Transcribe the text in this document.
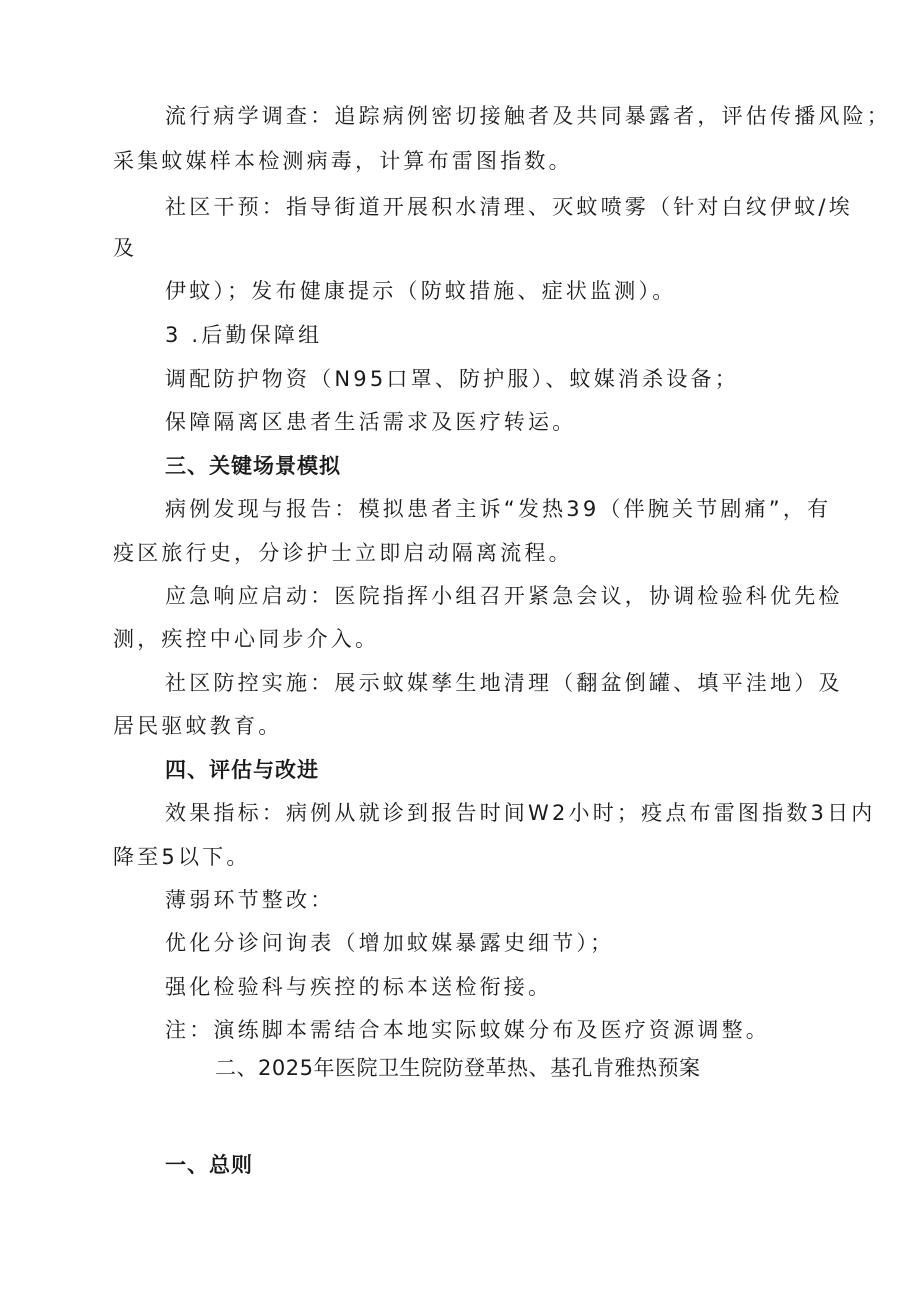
流行病学调查：追踪病例密切接触者及共同暴露者，评估传播风险；
采集蚊媒样本检测病毒，计算布雷图指数。
社区干预：指导街道开展积水清理、灭蚊喷雾（针对白纹伊蚊/埃
及
伊蚊）；发布健康提示（防蚊措施、症状监测）。
3 .后勤保障组
调配防护物资（N95口罩、防护服）、蚊媒消杀设备；
保障隔离区患者生活需求及医疗转运。
三、关键场景模拟
病例发现与报告：模拟患者主诉“发热39（伴腕关节剧痛”，有
疫区旅行史，分诊护士立即启动隔离流程。
应急响应启动：医院指挥小组召开紧急会议，协调检验科优先检
测，疾控中心同步介入。
社区防控实施：展示蚊媒孳生地清理（翻盆倒罐、填平洼地）及
居民驱蚊教育。
四、评估与改进
效果指标：病例从就诊到报告时间W2小时；疫点布雷图指数3日内
降至5以下。
薄弱环节整改：
优化分诊问询表（增加蚊媒暴露史细节）；
强化检验科与疾控的标本送检衔接。
注：演练脚本需结合本地实际蚊媒分布及医疗资源调整。
二、2025年医院卫生院防登革热、基孔肯雅热预案
一、总则
